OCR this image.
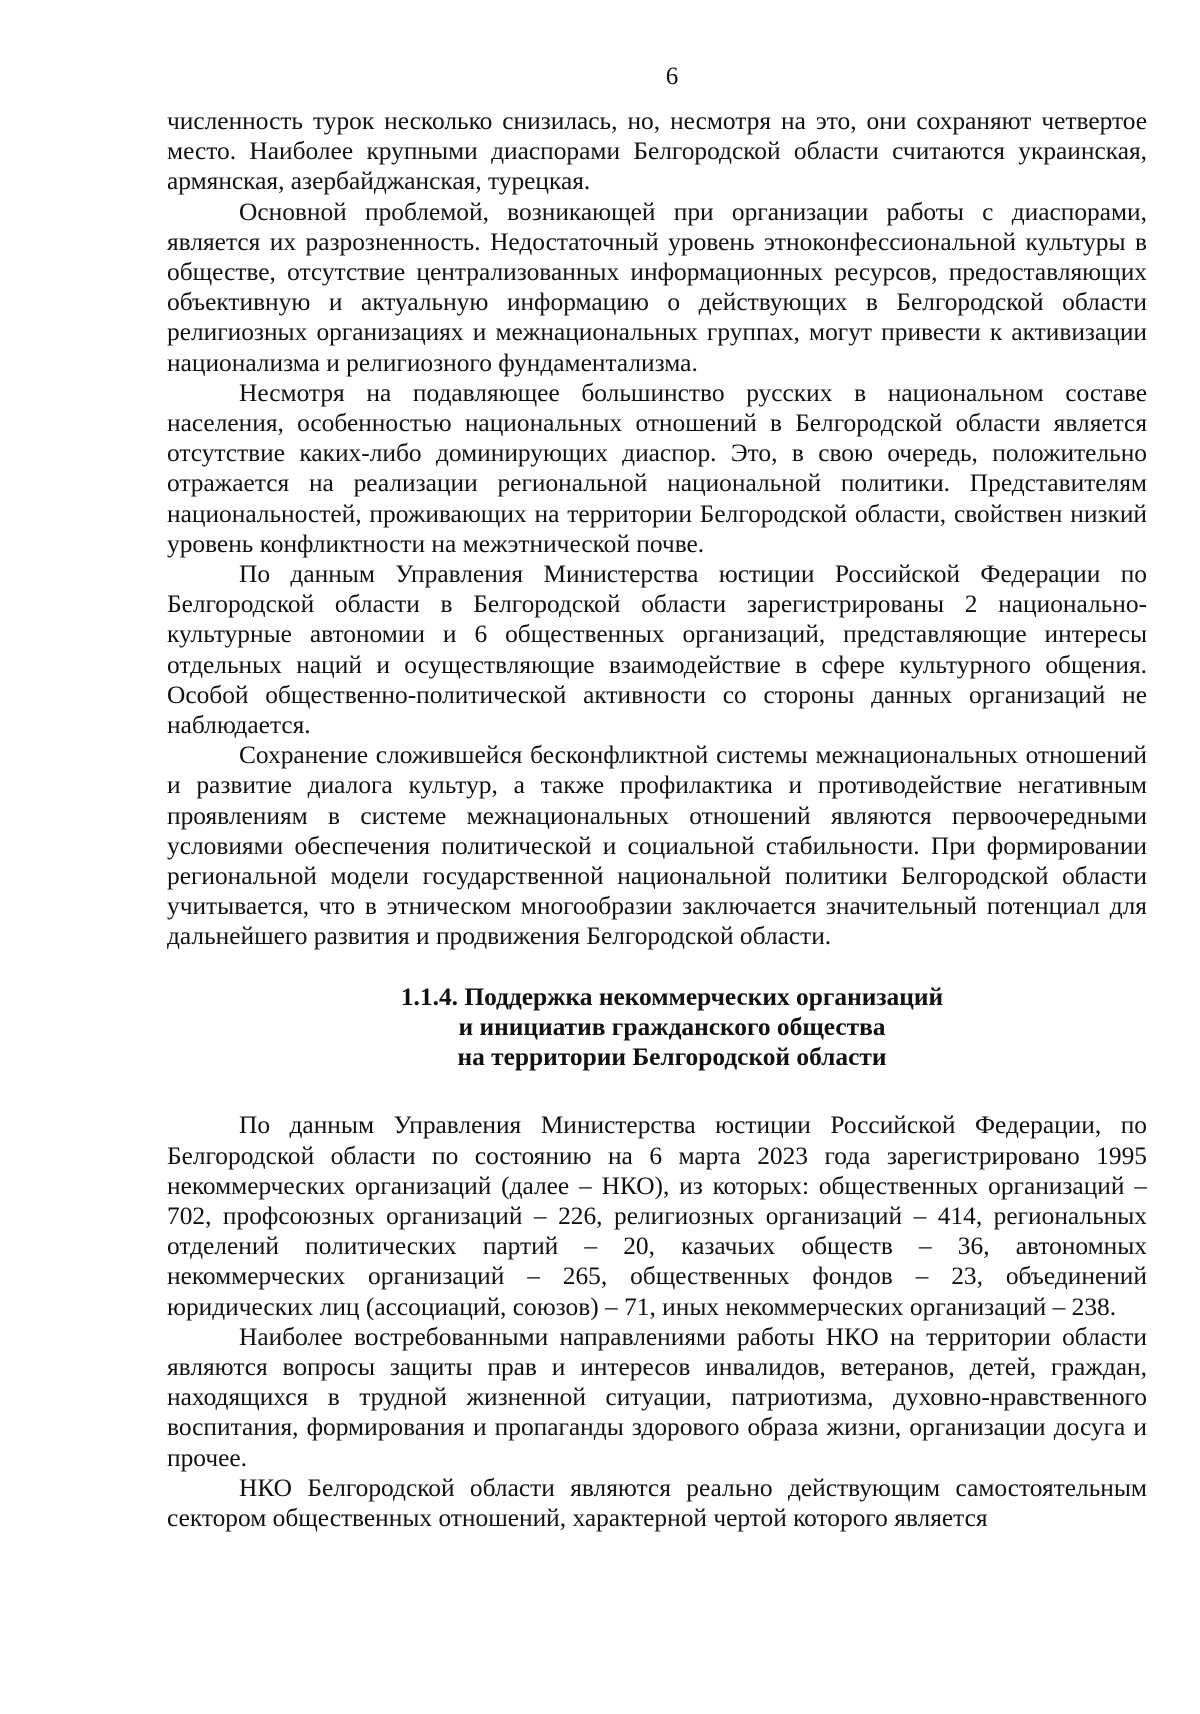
6

численность турок несколько снизилась, но, несмотря на это, они сохраняют четвертое место. Наиболее крупными диаспорами Белгородской области считаются украинская, армянская, азербайджанская, турецкая.

Основной проблемой, возникающей при организации работы с диаспорами, является их разрозненность. Недостаточный уровень этноконфессиональной культуры в обществе, отсутствие централизованных информационных ресурсов, предоставляющих объективную и актуальную информацию о действующих в Белгородской области религиозных организациях и межнациональных группах, могут привести к активизации национализма и религиозного фундаментализма.

Несмотря на подавляющее большинство русских в национальном составе населения, особенностью национальных отношений в Белгородской области является отсутствие каких-либо доминирующих диаспор. Это, в свою очередь, положительно отражается на реализации региональной национальной политики. Представителям национальностей, проживающих на территории Белгородской области, свойствен низкий уровень конфликтности на межэтнической почве.

По данным Управления Министерства юстиции Российской Федерации по Белгородской области в Белгородской области зарегистрированы 2 национально-культурные автономии и 6 общественных организаций, представляющие интересы отдельных наций и осуществляющие взаимодействие в сфере культурного общения. Особой общественно-политической активности со стороны данных организаций не наблюдается.

Сохранение сложившейся бесконфликтной системы межнациональных отношений и развитие диалога культур, а также профилактика и противодействие негативным проявлениям в системе межнациональных отношений являются первоочередными условиями обеспечения политической и социальной стабильности. При формировании региональной модели государственной национальной политики Белгородской области учитывается, что в этническом многообразии заключается значительный потенциал для дальнейшего развития и продвижения Белгородской области.

1.1.4. Поддержка некоммерческих организаций
и инициатив гражданского общества
на территории Белгородской области

По данным Управления Министерства юстиции Российской Федерации, по Белгородской области по состоянию на 6 марта 2023 года зарегистрировано 1995 некоммерческих организаций (далее – НКО), из которых: общественных организаций – 702, профсоюзных организаций – 226, религиозных организаций – 414, региональных отделений политических партий – 20, казачьих обществ – 36, автономных некоммерческих организаций – 265, общественных фондов – 23, объединений юридических лиц (ассоциаций, союзов) – 71, иных некоммерческих организаций – 238.

Наиболее востребованными направлениями работы НКО на территории области являются вопросы защиты прав и интересов инвалидов, ветеранов, детей, граждан, находящихся в трудной жизненной ситуации, патриотизма, духовно-нравственного воспитания, формирования и пропаганды здорового образа жизни, организации досуга и прочее.

НКО Белгородской области являются реально действующим самостоятельным сектором общественных отношений, характерной чертой которого является
